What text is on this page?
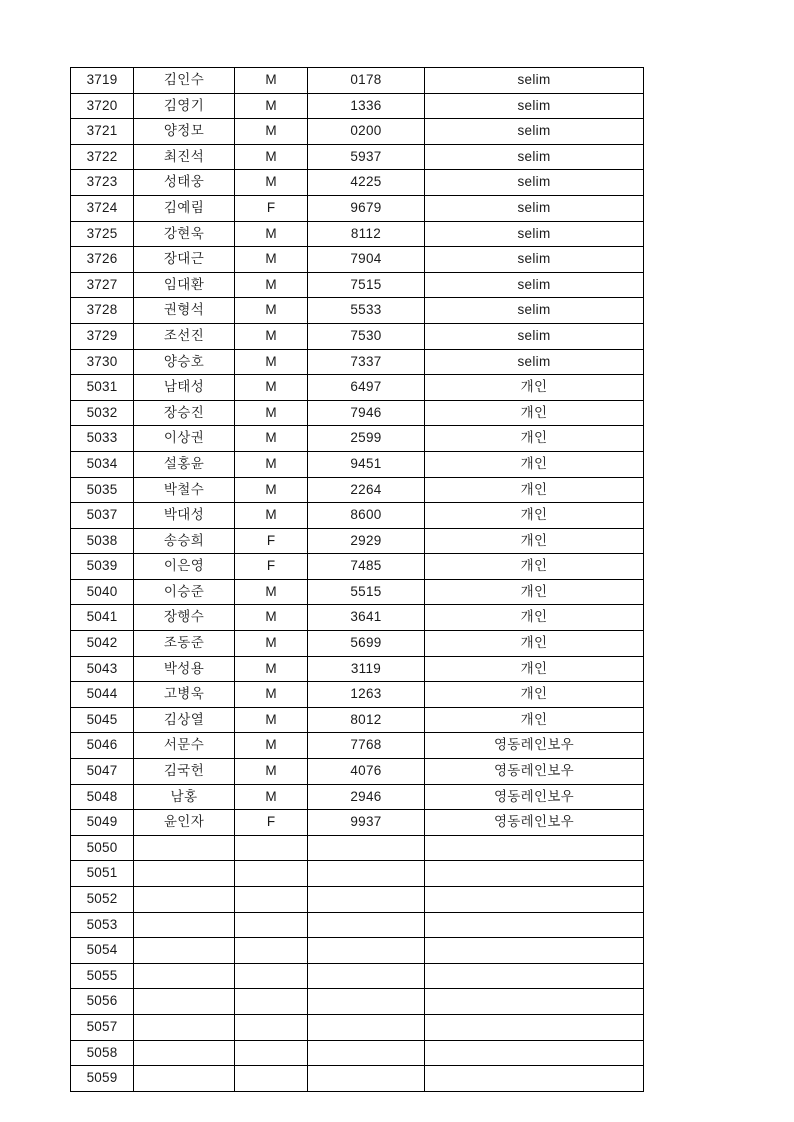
3719	김인수	M	0178	selim
3720	김영기	M	1336	selim
3721	양정모	M	0200	selim
3722	최진석	M	5937	selim
3723	성태웅	M	4225	selim
3724	김예림	F	9679	selim
3725	강현욱	M	8112	selim
3726	장대근	M	7904	selim
3727	임대환	M	7515	selim
3728	권형석	M	5533	selim
3729	조선진	M	7530	selim
3730	양승호	M	7337	selim
5031	남태성	M	6497	개인
5032	장승진	M	7946	개인
5033	이상권	M	2599	개인
5034	설홍윤	M	9451	개인
5035	박철수	M	2264	개인
5037	박대성	M	8600	개인
5038	송승희	F	2929	개인
5039	이은영	F	7485	개인
5040	이승준	M	5515	개인
5041	장행수	M	3641	개인
5042	조동준	M	5699	개인
5043	박성용	M	3119	개인
5044	고병욱	M	1263	개인
5045	김상열	M	8012	개인
5046	서문수	M	7768	영동레인보우
5047	김국헌	M	4076	영동레인보우
5048	남홍	M	2946	영동레인보우
5049	윤인자	F	9937	영동레인보우
5050				
5051				
5052				
5053				
5054				
5055				
5056				
5057				
5058				
5059				
